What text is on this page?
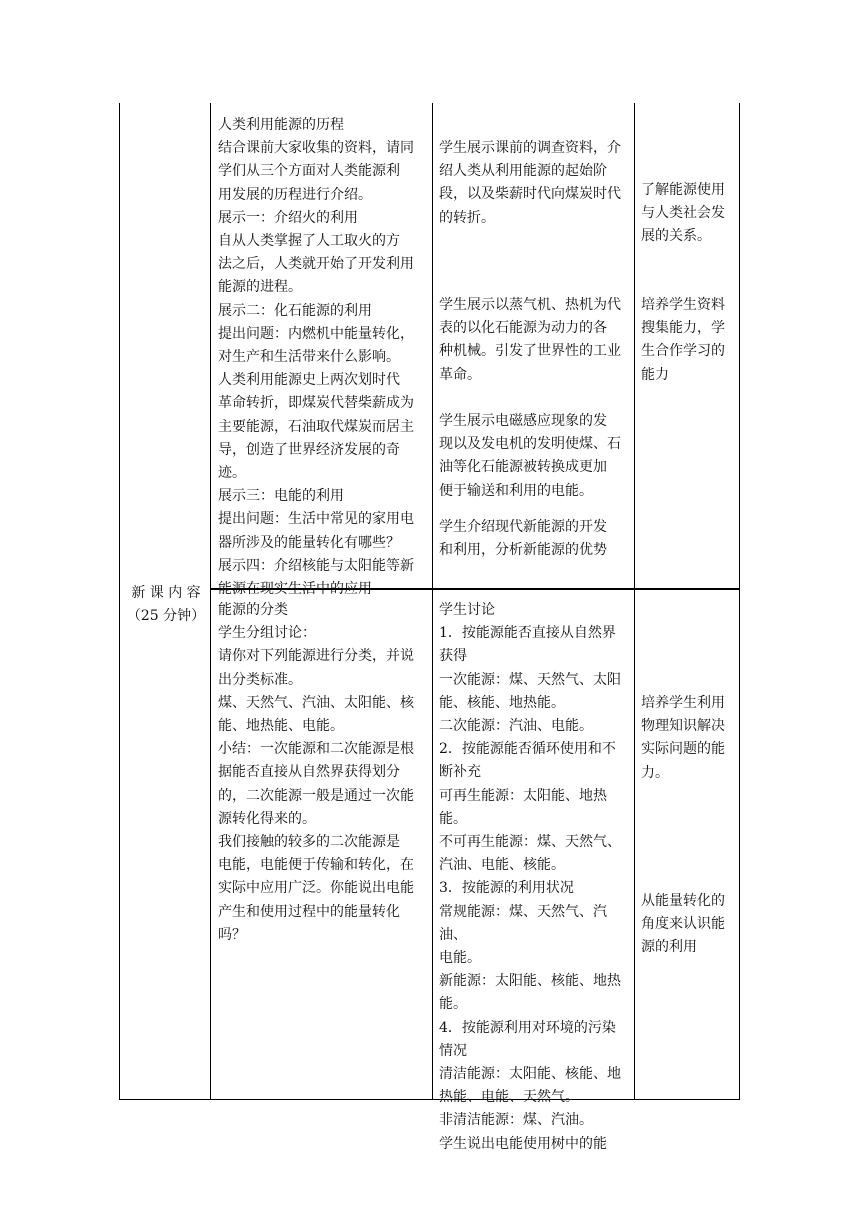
新 课 内 容
（25 分钟）

人类利用能源的历程

结合课前大家收集的资料，请同

学们从三个方面对人类能源利

用发展的历程进行介绍。

展示一：介绍火的利用

自从人类掌握了人工取火的方

法之后，人类就开始了开发利用

能源的进程。

展示二：化石能源的利用

提出问题：内燃机中能量转化，

对生产和生活带来什么影响。

人类利用能源史上两次划时代

革命转折，即煤炭代替柴薪成为

主要能源，石油取代煤炭而居主

导，创造了世界经济发展的奇

迹。

展示三：电能的利用

提出问题：生活中常见的家用电

器所涉及的能量转化有哪些？

展示四：介绍核能与太阳能等新

能源在现实生活中的应用

学生展示课前的调查资料，介

绍人类从利用能源的起始阶

段，以及柴薪时代向煤炭时代

的转折。

学生展示以蒸气机、热机为代

表的以化石能源为动力的各

种机械。引发了世界性的工业

革命。

学生展示电磁感应现象的发

现以及发电机的发明使煤、石

油等化石能源被转换成更加

便于输送和利用的电能。

学生介绍现代新能源的开发

和利用，分析新能源的优势

了解能源使用

与人类社会发

展的关系。

培养学生资料

搜集能力，学

生合作学习的

能力

能源的分类

学生分组讨论：

请你对下列能源进行分类，并说

出分类标准。

煤、天然气、汽油、太阳能、核

能、地热能、电能。

小结：一次能源和二次能源是根

据能否直接从自然界获得划分

的，二次能源一般是通过一次能

源转化得来的。

我们接触的较多的二次能源是

电能，电能便于传输和转化，在

实际中应用广泛。你能说出电能

产生和使用过程中的能量转化

吗？

学生讨论

1．按能源能否直接从自然界

获得

一次能源：煤、天然气、太阳

能、核能、地热能。

二次能源：汽油、电能。

2．按能源能否循环使用和不

断补充

可再生能源：太阳能、地热能。

不可再生能源：煤、天然气、

汽油、电能、核能。

3．按能源的利用状况

常规能源：煤、天然气、汽油、

电能。

新能源：太阳能、核能、地热

能。

4．按能源利用对环境的污染

情况

清洁能源：太阳能、核能、地

热能、电能、天然气。

非清洁能源：煤、汽油。

学生说出电能使用树中的能

培养学生利用

物理知识解决

实际问题的能

力。

从能量转化的

角度来认识能

源的利用
